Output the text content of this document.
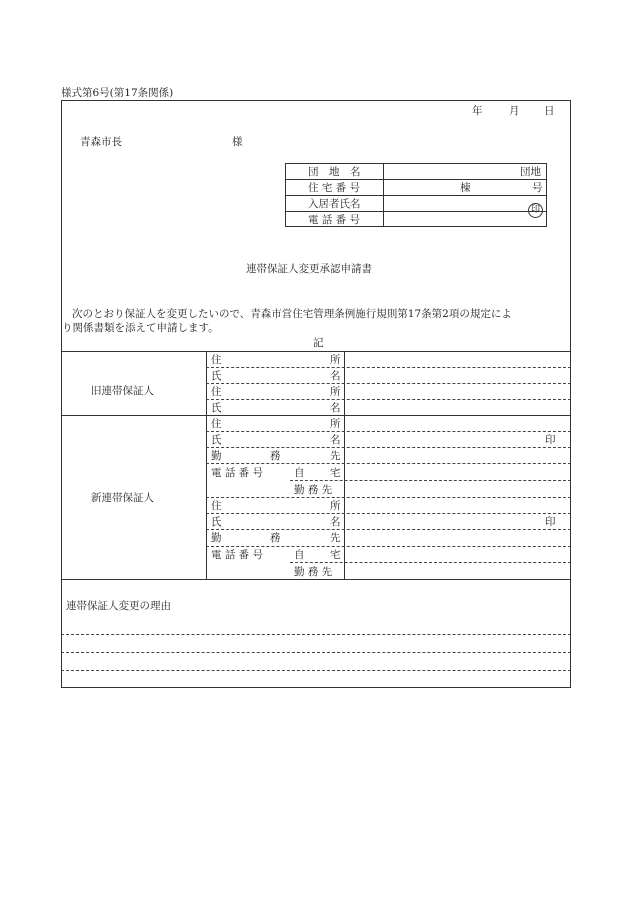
様式第6号(第17条関係)
年	月 日
青森市長	様
団　地　名	団地
住 宅 番 号	棟	号
入居者氏名	印
電 話 番 号
連帯保証人変更承認申請書
次のとおり保証人を変更したいので、青森市営住宅管理条例施行規則第17条第2項の規定によ
り関係書類を添えて申請します。
記
旧連帯保証人
住	所
氏	名
住	所
氏	名
新連帯保証人
住	所
氏	名	印
勤	務	先
電 話 番 号	自 宅
勤 務 先
住	所
氏	名	印
勤	務	先
電 話 番 号	自 宅
勤 務 先
連帯保証人変更の理由
